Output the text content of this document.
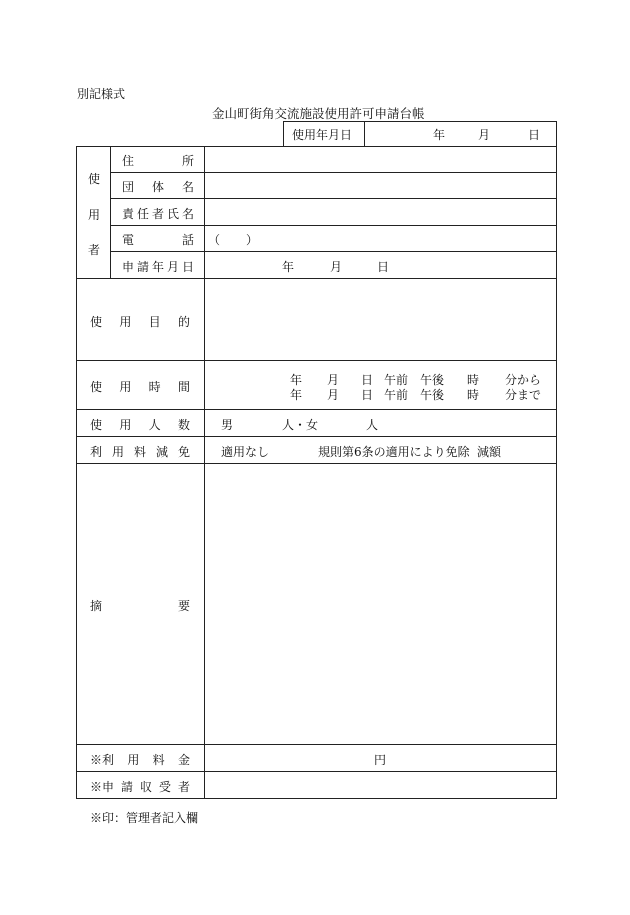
別記様式
金山町街角交流施設使用許可申請台帳
使用年月日	年	月	日
使
用
者
住	所
団 体 名
責 任 者 氏 名
電	話 （ ）
申 請 年 月 日	年	月	日
使 用 目 的
使 用 時 間	年 月 日 午前 午後 時 分から
年 月 日 午前 午後 時 分まで
使 用 人 数	男	人・女	人
利 用 料 減 免	適用なし	規則第6条の適用により免除 減額
摘	要
※利 用 料 金	円
※申 請 収 受 者
※印：管理者記入欄
